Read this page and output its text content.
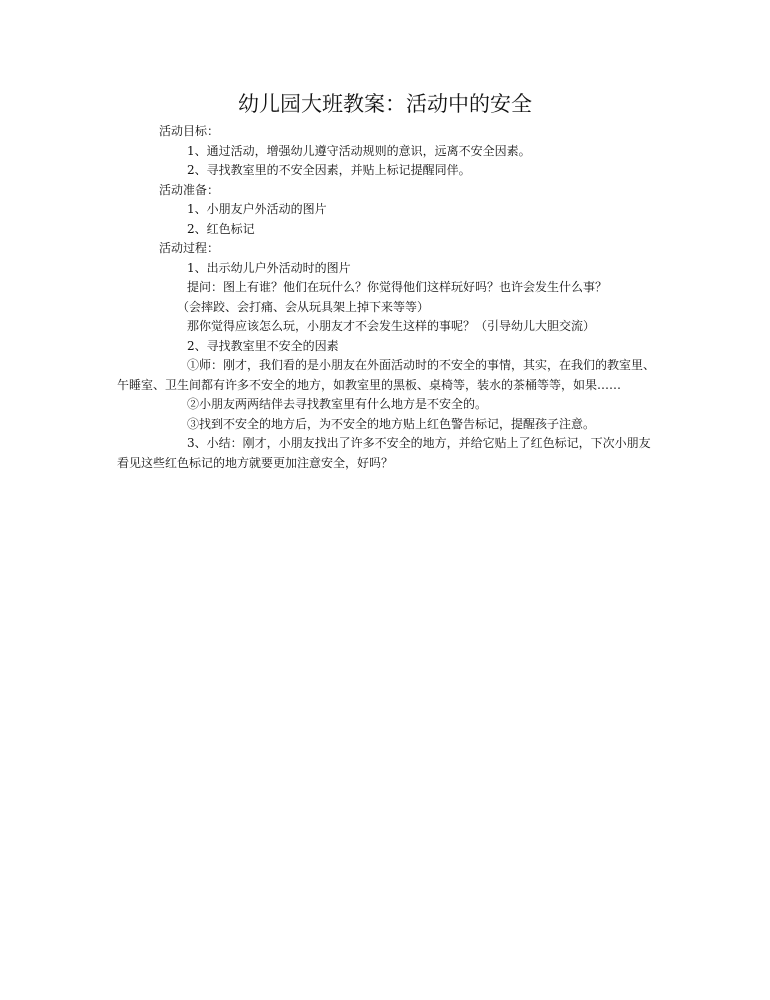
幼儿园大班教案：活动中的安全

活动目标：

1、通过活动，增强幼儿遵守活动规则的意识，远离不安全因素。

2、寻找教室里的不安全因素，并贴上标记提醒同伴。

活动准备：

1、小朋友户外活动的图片

2、红色标记

活动过程：

1、出示幼儿户外活动时的图片

提问：图上有谁？他们在玩什么？你觉得他们这样玩好吗？也许会发生什么事？

（会摔跤、会打痛、会从玩具架上掉下来等等）

那你觉得应该怎么玩，小朋友才不会发生这样的事呢？（引导幼儿大胆交流）

2、寻找教室里不安全的因素

①师：刚才，我们看的是小朋友在外面活动时的不安全的事情，其实，在我们的教室里、午睡室、卫生间都有许多不安全的地方，如教室里的黑板、桌椅等，装水的茶桶等等，如果……

②小朋友两两结伴去寻找教室里有什么地方是不安全的。

③找到不安全的地方后，为不安全的地方贴上红色警告标记，提醒孩子注意。

3、小结：刚才，小朋友找出了许多不安全的地方，并给它贴上了红色标记，下次小朋友看见这些红色标记的地方就要更加注意安全，好吗？
